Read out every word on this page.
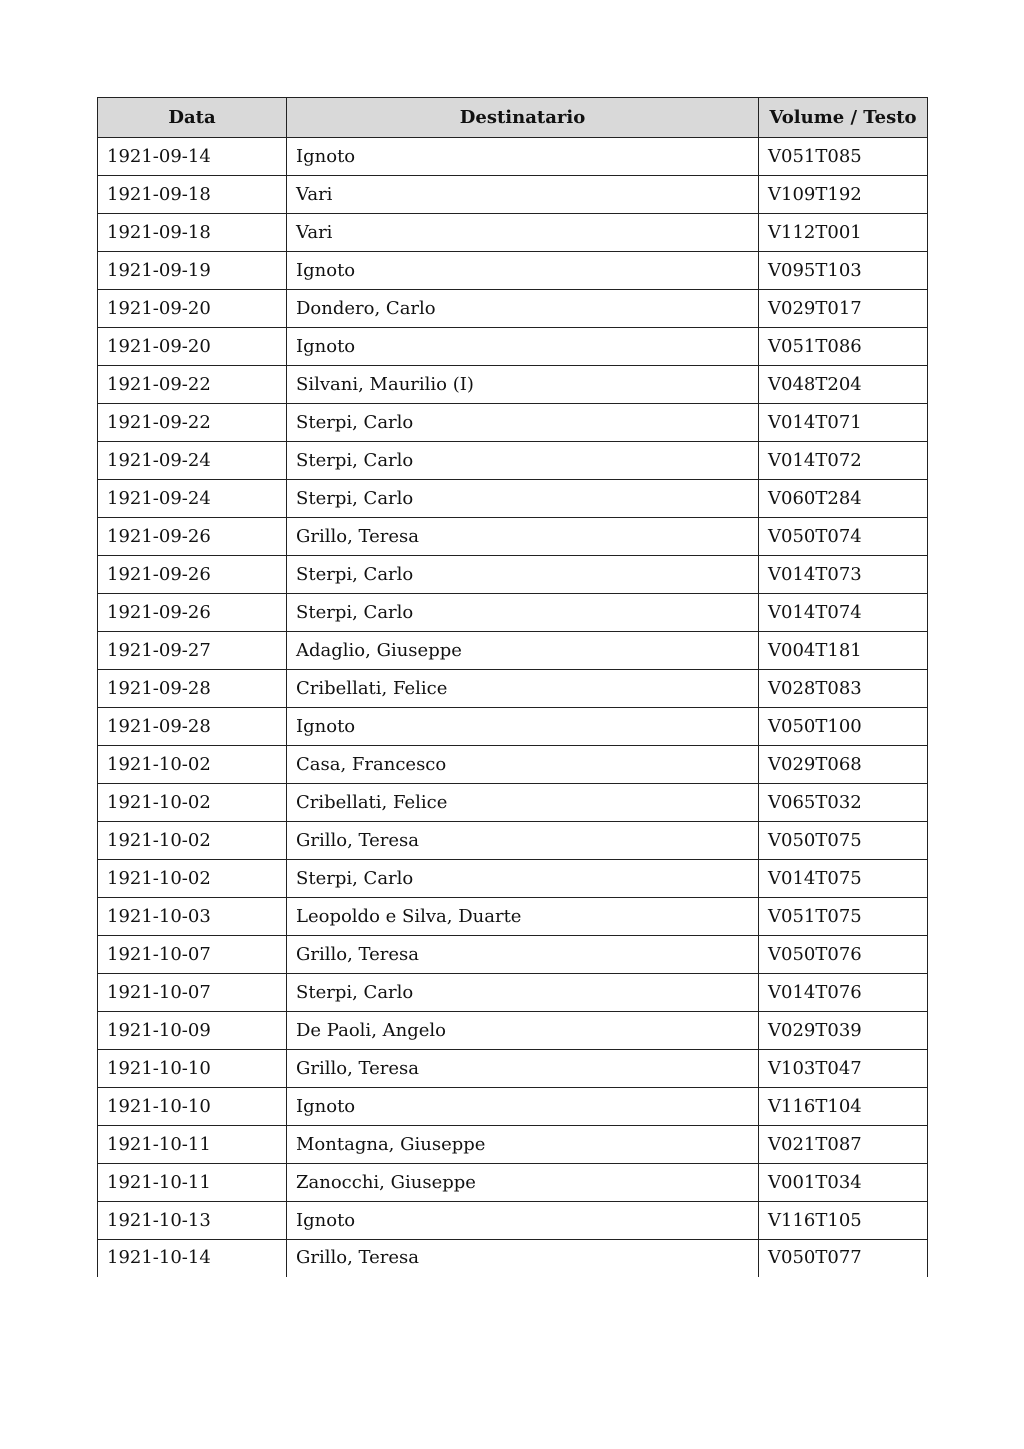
Data	Destinatario	Volume / Testo
1921-09-14	Ignoto	V051T085
1921-09-18	Vari	V109T192
1921-09-18	Vari	V112T001
1921-09-19	Ignoto	V095T103
1921-09-20	Dondero, Carlo	V029T017
1921-09-20	Ignoto	V051T086
1921-09-22	Silvani, Maurilio (I)	V048T204
1921-09-22	Sterpi, Carlo	V014T071
1921-09-24	Sterpi, Carlo	V014T072
1921-09-24	Sterpi, Carlo	V060T284
1921-09-26	Grillo, Teresa	V050T074
1921-09-26	Sterpi, Carlo	V014T073
1921-09-26	Sterpi, Carlo	V014T074
1921-09-27	Adaglio, Giuseppe	V004T181
1921-09-28	Cribellati, Felice	V028T083
1921-09-28	Ignoto	V050T100
1921-10-02	Casa, Francesco	V029T068
1921-10-02	Cribellati, Felice	V065T032
1921-10-02	Grillo, Teresa	V050T075
1921-10-02	Sterpi, Carlo	V014T075
1921-10-03	Leopoldo e Silva, Duarte	V051T075
1921-10-07	Grillo, Teresa	V050T076
1921-10-07	Sterpi, Carlo	V014T076
1921-10-09	De Paoli, Angelo	V029T039
1921-10-10	Grillo, Teresa	V103T047
1921-10-10	Ignoto	V116T104
1921-10-11	Montagna, Giuseppe	V021T087
1921-10-11	Zanocchi, Giuseppe	V001T034
1921-10-13	Ignoto	V116T105
1921-10-14	Grillo, Teresa	V050T077
